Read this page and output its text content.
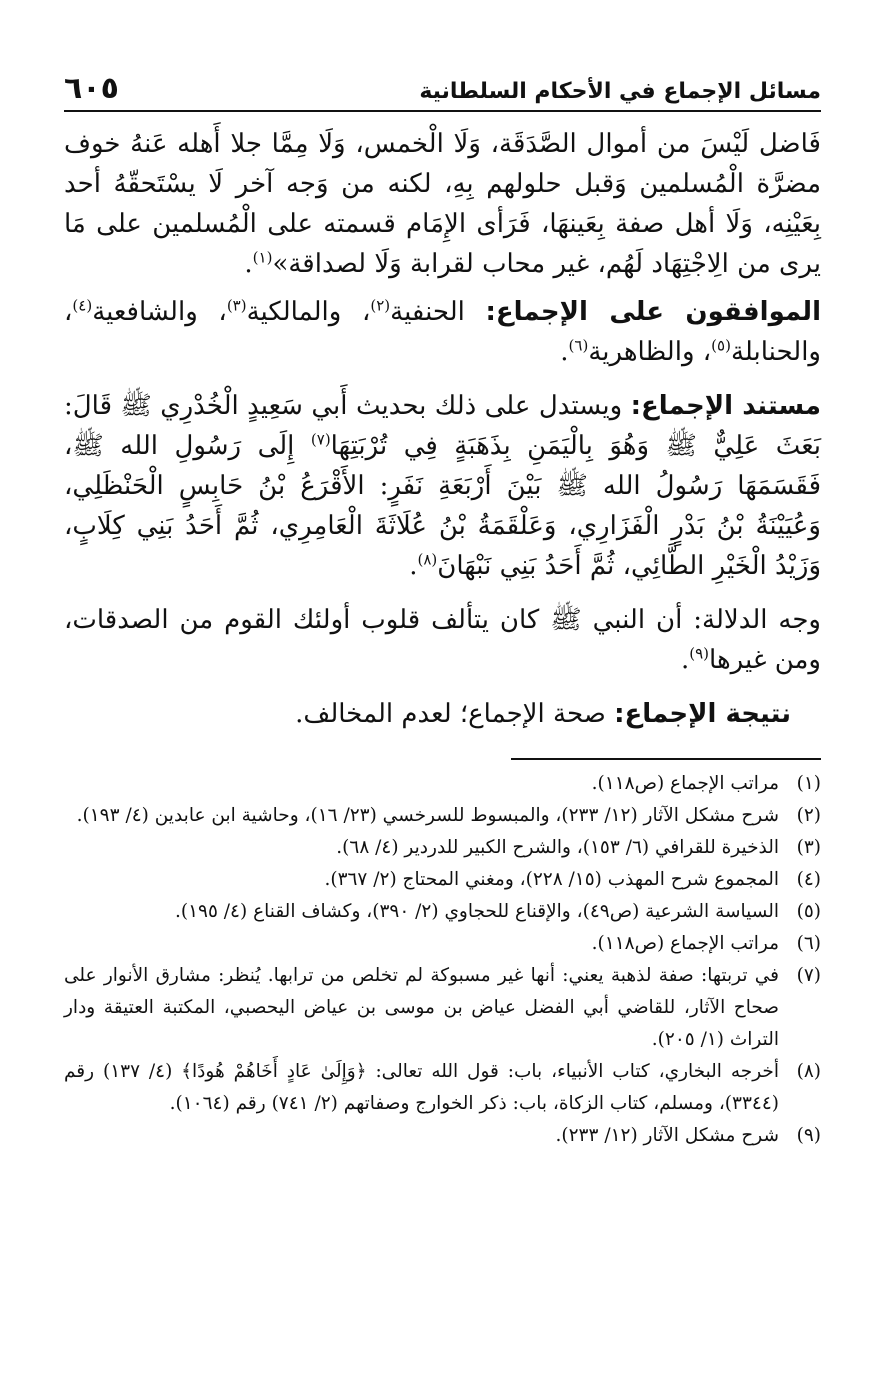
مسائل الإجماع في الأحكام السلطانية
٦٠٥

فَاضل لَيْسَ من أموال الصَّدَقَة، وَلَا الْخمس، وَلَا مِمَّا جلا أَهله عَنهُ خوف مضرَّة الْمُسلمين وَقبل حلولهم بِهِ، لكنه من وَجه آخر لَا يسْتَحقّهُ أحد بِعَيْنِه، وَلَا أهل صفة بِعَينهَا، فَرَأى الإِمَام قسمته على الْمُسلمين على مَا يرى من الِاجْتِهَاد لَهُم، غير محاب لقرابة وَلَا لصداقة»$^{(١)}$.

الموافقون على الإجماع: الحنفية$^{(٢)}$، والمالكية$^{(٣)}$، والشافعية$^{(٤)}$، والحنابلة$^{(٥)}$، والظاهرية$^{(٦)}$.

مستند الإجماع: ويستدل على ذلك بحديث أَبي سَعِيدٍ الْخُدْرِي ﷺ قَالَ: بَعَثَ عَلِيٌّ ﷺ وَهُوَ بِالْيَمَنِ بِذَهَبَةٍ فِي تُرْبَتِهَا$^{(٧)}$ إِلَى رَسُولِ الله ﷺ، فَقَسَمَهَا رَسُولُ الله ﷺ بَيْنَ أَرْبَعَةِ نَفَرٍ: الأَقْرَعُ بْنُ حَابِسٍ الْحَنْظَلِي، وَعُيَيْنَةُ بْنُ بَدْرٍ الْفَزَارِي، وَعَلْقَمَةُ بْنُ عُلَاثَةَ الْعَامِرِي، ثُمَّ أَحَدُ بَنِي كِلَابٍ، وَزَيْدُ الْخَيْرِ الطَّائِي، ثُمَّ أَحَدُ بَنِي نَبْهَانَ$^{(٨)}$.

وجه الدلالة: أن النبي ﷺ كان يتألف قلوب أولئك القوم من الصدقات، ومن غيرها$^{(٩)}$.

نتيجة الإجماع: صحة الإجماع؛ لعدم المخالف.

(١)
مراتب الإجماع (ص١١٨).
(٢)
شرح مشكل الآثار (١٢/ ٢٣٣)، والمبسوط للسرخسي (٢٣/ ١٦)، وحاشية ابن عابدين (٤/ ١٩٣).
(٣)
الذخيرة للقرافي (٦/ ١٥٣)، والشرح الكبير للدردير (٤/ ٦٨).
(٤)
المجموع شرح المهذب (١٥/ ٢٢٨)، ومغني المحتاج (٢/ ٣٦٧).
(٥)
السياسة الشرعية (ص٤٩)، والإقناع للحجاوي (٢/ ٣٩٠)، وكشاف القناع (٤/ ١٩٥).
(٦)
مراتب الإجماع (ص١١٨).
(٧)
في تربتها: صفة لذهبة يعني: أنها غير مسبوكة لم تخلص من ترابها. يُنظر: مشارق الأنوار على صحاح الآثار، للقاضي أبي الفضل عياض بن موسى بن عياض اليحصبي، المكتبة العتيقة ودار التراث (١/ ٢٠٥).
(٨)
أخرجه البخاري، كتاب الأنبياء، باب: قول الله تعالى: ﴿وَإِلَىٰ عَادٍ أَخَاهُمْ هُودًا﴾ (٤/ ١٣٧) رقم (٣٣٤٤)، ومسلم، كتاب الزكاة، باب: ذكر الخوارج وصفاتهم (٢/ ٧٤١) رقم (١٠٦٤).
(٩)
شرح مشكل الآثار (١٢/ ٢٣٣).
